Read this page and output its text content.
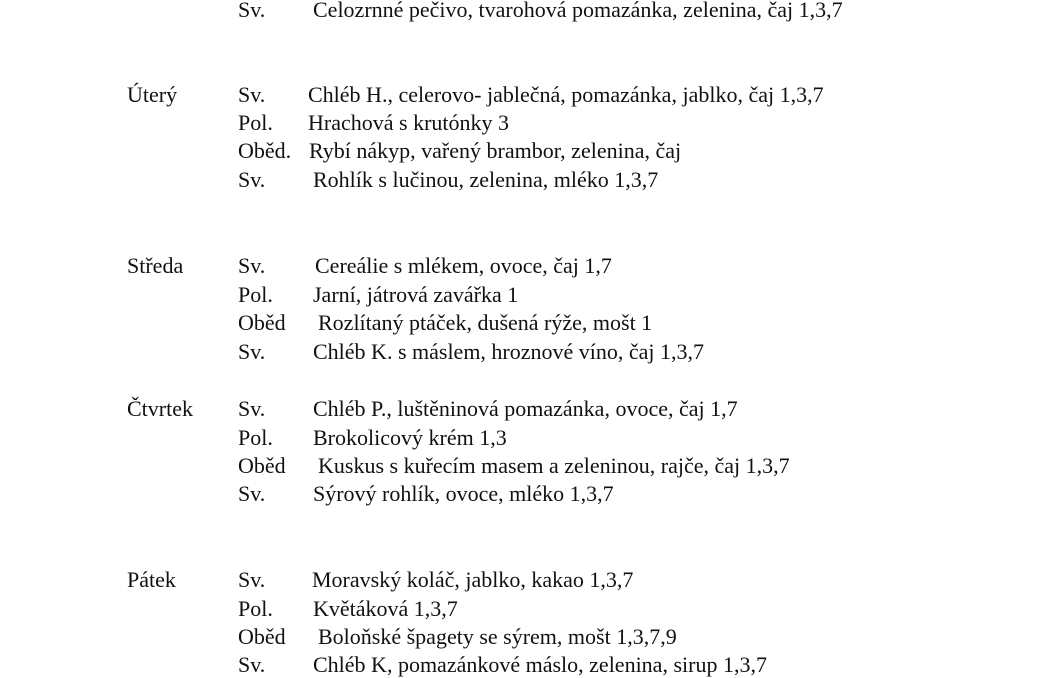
Sv. Celozrnné pečivo, tvarohová pomazánka, zelenina, čaj 1,3,7
Úterý	Sv. Chléb H., celerovo- jablečná, pomazánka, jablko, čaj 1,3,7
Pol. Hrachová s krutónky 3
Oběd. Rybí nákyp, vařený brambor, zelenina, čaj
Sv. Rohlík s lučinou, zelenina, mléko 1,3,7
Středa Sv. Cereálie s mlékem, ovoce, čaj 1,7
Pol. Jarní, játrová zavářka 1
Oběd Rozlítaný ptáček, dušená rýže, mošt 1
Sv. Chléb K. s máslem, hroznové víno, čaj 1,3,7
Čtvrtek Sv. Chléb P., luštěninová pomazánka, ovoce, čaj 1,7
Pol. Brokolicový krém 1,3
Oběd Kuskus s kuřecím masem a zeleninou, rajče, čaj 1,3,7
Sv. Sýrový rohlík, ovoce, mléko 1,3,7
Pátek	Sv. Moravský koláč, jablko, kakao 1,3,7
Pol. Květáková 1,3,7
Oběd Boloňské špagety se sýrem, mošt 1,3,7,9
Sv. Chléb K, pomazánkové máslo, zelenina, sirup 1,3,7
